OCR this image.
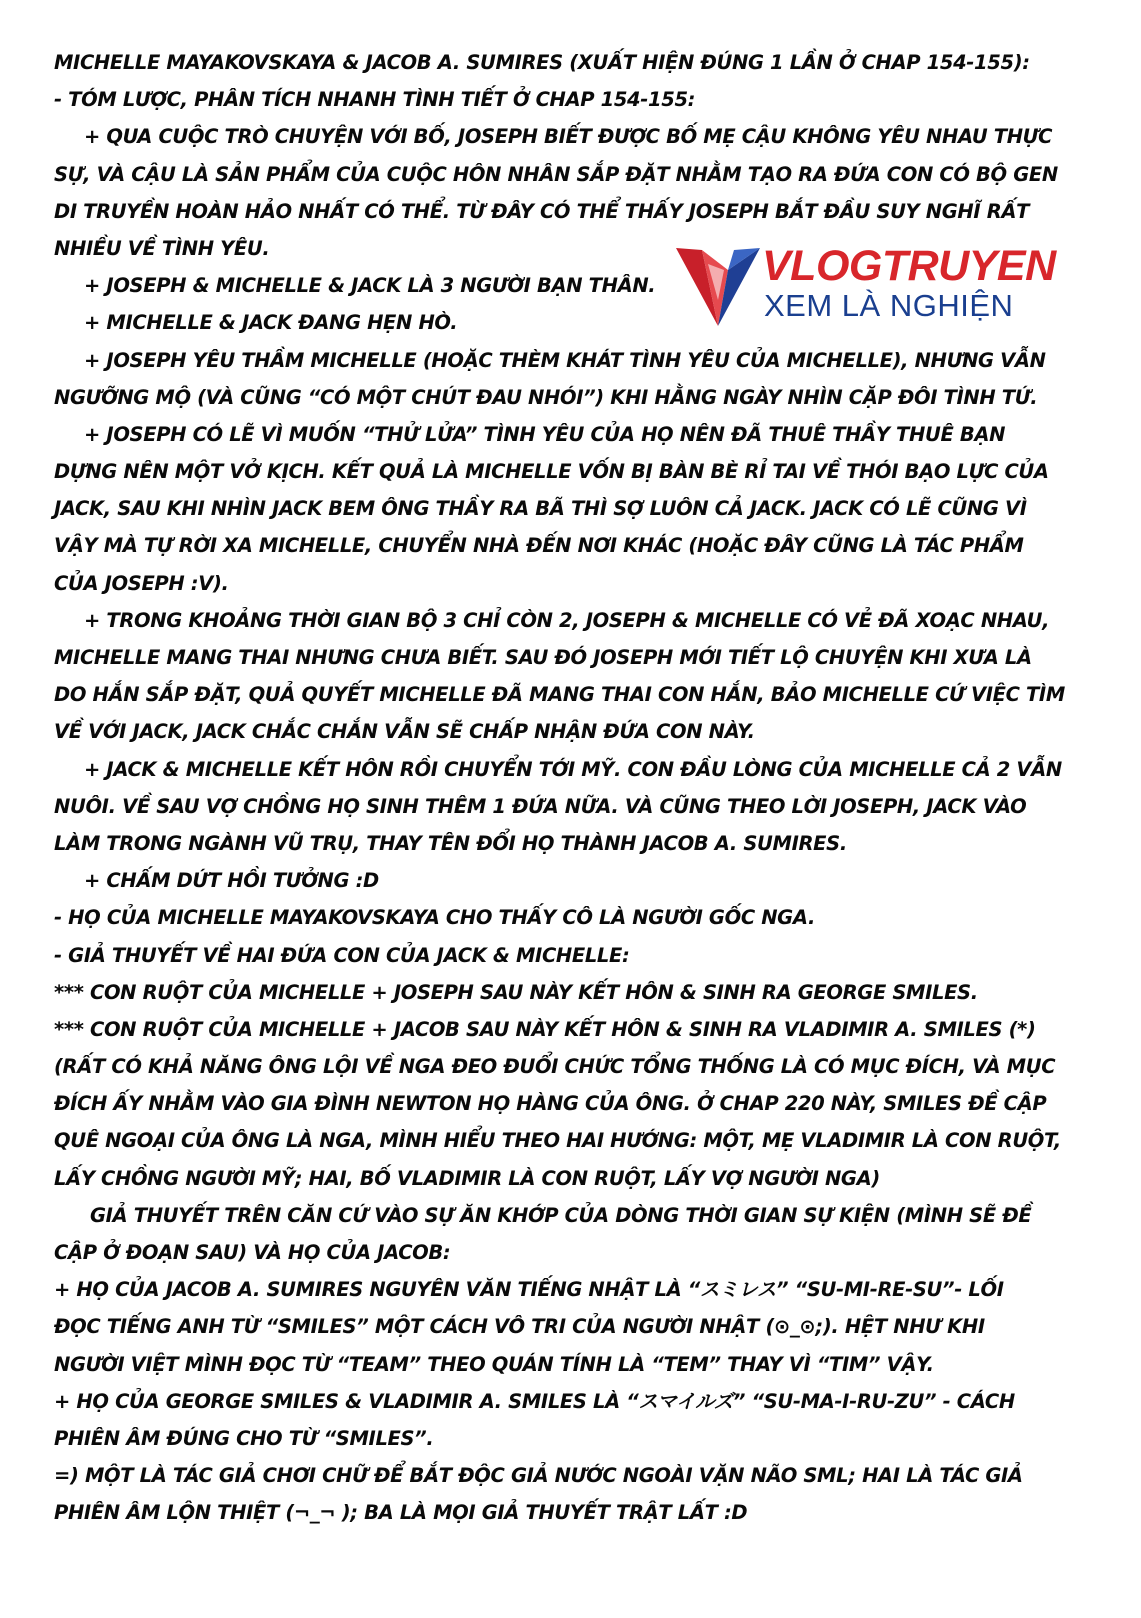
MICHELLE MAYAKOVSKAYA & JACOB A. SUMIRES (XUẤT HIỆN ĐÚNG 1 LẦN Ở CHAP 154-155):
- TÓM LƯỢC, PHÂN TÍCH NHANH TÌNH TIẾT Ở CHAP 154-155:
+ QUA CUỘC TRÒ CHUYỆN VỚI BỐ, JOSEPH BIẾT ĐƯỢC BỐ MẸ CẬU KHÔNG YÊU NHAU THỰC
SỰ, VÀ CẬU LÀ SẢN PHẨM CỦA CUỘC HÔN NHÂN SẮP ĐẶT NHẰM TẠO RA ĐỨA CON CÓ BỘ GEN
DI TRUYỀN HOÀN HẢO NHẤT CÓ THỂ. TỪ ĐÂY CÓ THỂ THẤY JOSEPH BẮT ĐẦU SUY NGHĨ RẤT
NHIỀU VỀ TÌNH YÊU.
+ JOSEPH & MICHELLE & JACK LÀ 3 NGƯỜI BẠN THÂN.
+ MICHELLE & JACK ĐANG HẸN HÒ.
+ JOSEPH YÊU THẦM MICHELLE (HOẶC THÈM KHÁT TÌNH YÊU CỦA MICHELLE), NHƯNG VẪN
NGƯỠNG MỘ (VÀ CŨNG “CÓ MỘT CHÚT ĐAU NHÓI”) KHI HẰNG NGÀY NHÌN CẶP ĐÔI TÌNH TỨ.
+ JOSEPH CÓ LẼ VÌ MUỐN “THỬ LỬA” TÌNH YÊU CỦA HỌ NÊN ĐÃ THUÊ THẦY THUÊ BẠN
DỰNG NÊN MỘT VỞ KỊCH. KẾT QUẢ LÀ MICHELLE VỐN BỊ BÀN BÈ RỈ TAI VỀ THÓI BẠO LỰC CỦA
JACK, SAU KHI NHÌN JACK BEM ÔNG THẦY RA BÃ THÌ SỢ LUÔN CẢ JACK. JACK CÓ LẼ CŨNG VÌ
VẬY MÀ TỰ RỜI XA MICHELLE, CHUYỂN NHÀ ĐẾN NƠI KHÁC (HOẶC ĐÂY CŨNG LÀ TÁC PHẨM
CỦA JOSEPH :V).
+ TRONG KHOẢNG THỜI GIAN BỘ 3 CHỈ CÒN 2, JOSEPH & MICHELLE CÓ VẺ ĐÃ XOẠC NHAU,
MICHELLE MANG THAI NHƯNG CHƯA BIẾT. SAU ĐÓ JOSEPH MỚI TIẾT LỘ CHUYỆN KHI XƯA LÀ
DO HẮN SẮP ĐẶT, QUẢ QUYẾT MICHELLE ĐÃ MANG THAI CON HẮN, BẢO MICHELLE CỨ VIỆC TÌM
VỀ VỚI JACK, JACK CHẮC CHẮN VẪN SẼ CHẤP NHẬN ĐỨA CON NÀY.
+ JACK & MICHELLE KẾT HÔN RỒI CHUYỂN TỚI MỸ. CON ĐẦU LÒNG CỦA MICHELLE CẢ 2 VẪN
NUÔI. VỀ SAU VỢ CHỒNG HỌ SINH THÊM 1 ĐỨA NỮA. VÀ CŨNG THEO LỜI JOSEPH, JACK VÀO
LÀM TRONG NGÀNH VŨ TRỤ, THAY TÊN ĐỔI HỌ THÀNH JACOB A. SUMIRES.
+ CHẤM DỨT HỒI TƯỞNG :D
- HỌ CỦA MICHELLE MAYAKOVSKAYA CHO THẤY CÔ LÀ NGƯỜI GỐC NGA.
- GIẢ THUYẾT VỀ HAI ĐỨA CON CỦA JACK & MICHELLE:
*** CON RUỘT CỦA MICHELLE + JOSEPH SAU NÀY KẾT HÔN & SINH RA GEORGE SMILES.
*** CON RUỘT CỦA MICHELLE + JACOB SAU NÀY KẾT HÔN & SINH RA VLADIMIR A. SMILES (*)
(RẤT CÓ KHẢ NĂNG ÔNG LỘI VỀ NGA ĐEO ĐUỔI CHỨC TỔNG THỐNG LÀ CÓ MỤC ĐÍCH, VÀ MỤC
ĐÍCH ẤY NHẰM VÀO GIA ĐÌNH NEWTON HỌ HÀNG CỦA ÔNG. Ở CHAP 220 NÀY, SMILES ĐỀ CẬP
QUÊ NGOẠI CỦA ÔNG LÀ NGA, MÌNH HIỂU THEO HAI HƯỚNG: MỘT, MẸ VLADIMIR LÀ CON RUỘT,
LẤY CHỒNG NGƯỜI MỸ; HAI, BỐ VLADIMIR LÀ CON RUỘT, LẤY VỢ NGƯỜI NGA)
GIẢ THUYẾT TRÊN CĂN CỨ VÀO SỰ ĂN KHỚP CỦA DÒNG THỜI GIAN SỰ KIỆN (MÌNH SẼ ĐỀ
CẬP Ở ĐOẠN SAU) VÀ HỌ CỦA JACOB:
+ HỌ CỦA JACOB A. SUMIRES NGUYÊN VĂN TIẾNG NHẬT LÀ “スミレス” “SU-MI-RE-SU”- LỐI
ĐỌC TIẾNG ANH TỪ “SMILES” MỘT CÁCH VÔ TRI CỦA NGƯỜI NHẬT (⊙_⊙;). HỆT NHƯ KHI
NGƯỜI VIỆT MÌNH ĐỌC TỪ “TEAM” THEO QUÁN TÍNH LÀ “TEM” THAY VÌ “TIM” VẬY.
+ HỌ CỦA GEORGE SMILES & VLADIMIR A. SMILES LÀ “スマイルズ” “SU-MA-I-RU-ZU” - CÁCH
PHIÊN ÂM ĐÚNG CHO TỪ “SMILES”.
=) MỘT LÀ TÁC GIẢ CHƠI CHỮ ĐỂ BẮT ĐỘC GIẢ NƯỚC NGOÀI VẶN NÃO SML; HAI LÀ TÁC GIẢ
PHIÊN ÂM LỘN THIỆT (¬_¬ ); BA LÀ MỌI GIẢ THUYẾT TRẬT LẤT :D
VLOGTRUYEN
XEM LÀ NGHIỆN
